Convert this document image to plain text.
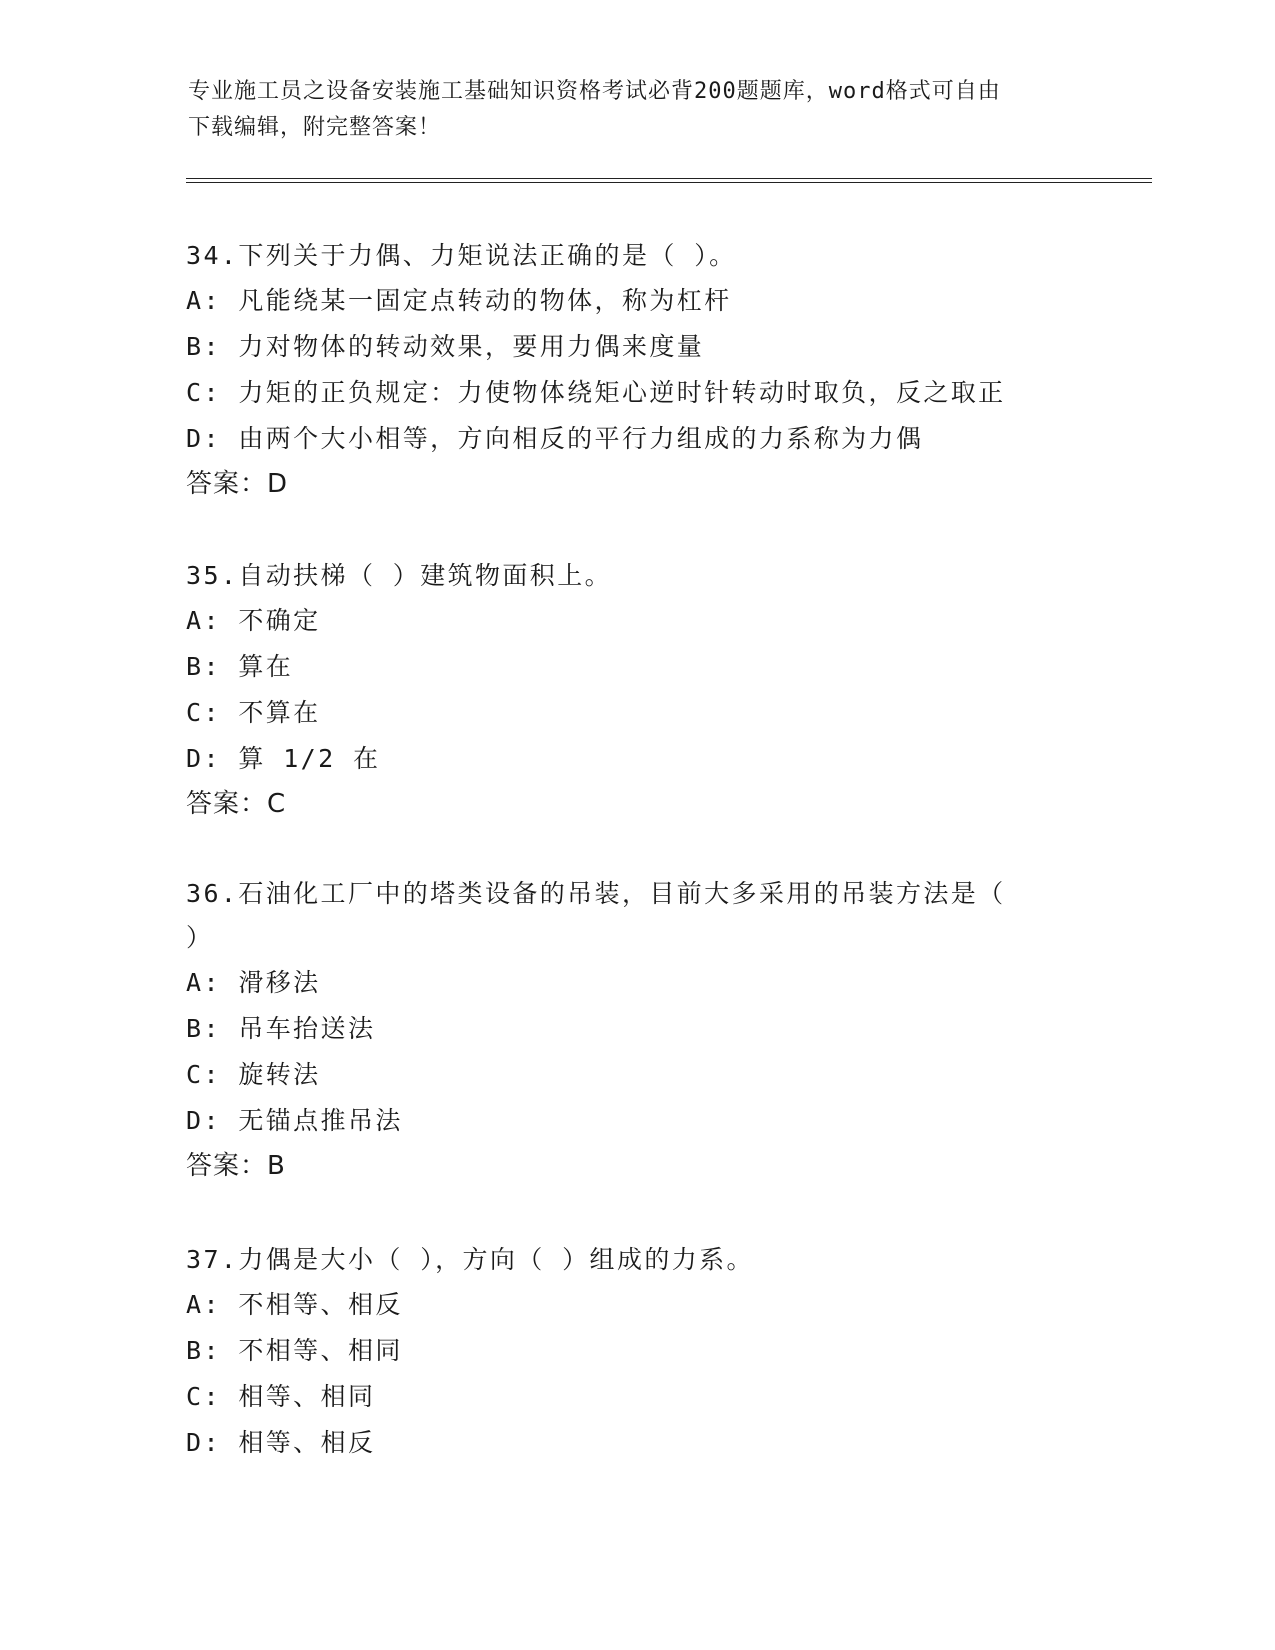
专业施工员之设备安装施工基础知识资格考试必背200题题库，word格式可自由
下载编辑，附完整答案！

34.下列关于力偶、力矩说法正确的是（ ）。

A: 凡能绕某一固定点转动的物体，称为杠杆

B: 力对物体的转动效果，要用力偶来度量

C: 力矩的正负规定：力使物体绕矩心逆时针转动时取负，反之取正

D: 由两个大小相等，方向相反的平行力组成的力系称为力偶

答案：D

35.自动扶梯（ ）建筑物面积上。

A: 不确定

B: 算在

C: 不算在

D: 算 1/2 在

答案：C

36.石油化工厂中的塔类设备的吊装，目前大多采用的吊装方法是（

）

A: 滑移法

B: 吊车抬送法

C: 旋转法

D: 无锚点推吊法

答案：B

37.力偶是大小（ ），方向（ ）组成的力系。

A: 不相等、相反

B: 不相等、相同

C: 相等、相同

D: 相等、相反
